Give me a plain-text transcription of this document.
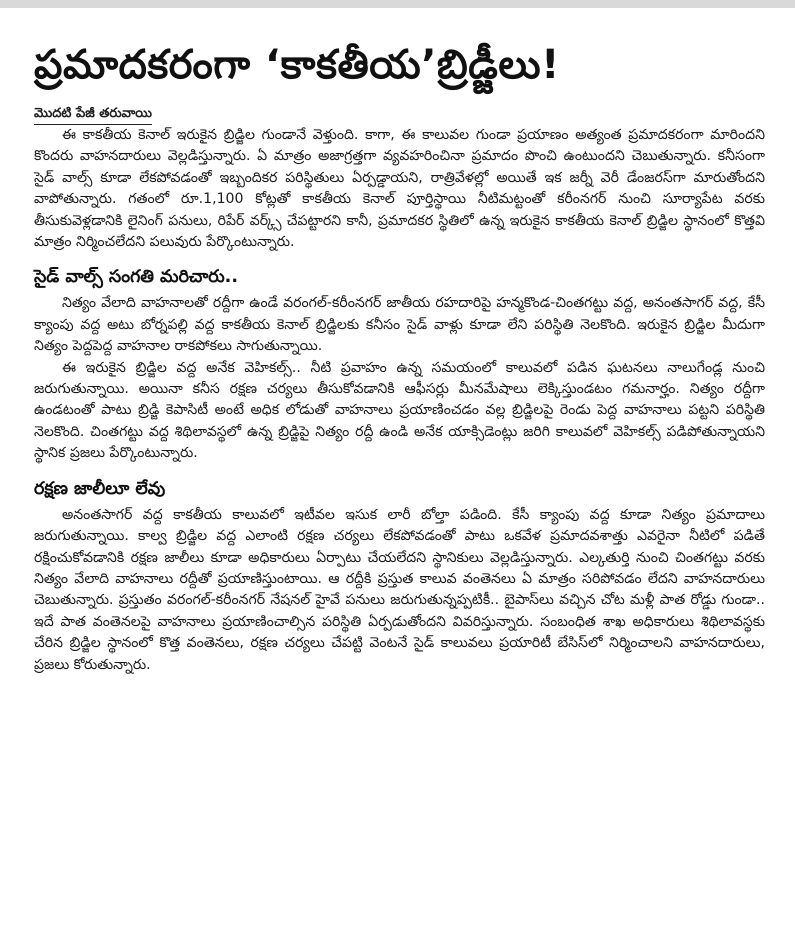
ప్రమాదకరంగా ‘కాకతీయ’బ్రిడ్జీలు!
మొదటి పేజీ తరువాయి

ఈ కాకతీయ కెనాల్ ఇరుకైన బ్రిడ్జిల గుండానే వెళ్తుంది. కాగా, ఈ కాలువల గుండా ప్రయాణం అత్యంత ప్రమాదకరంగా మారిందని కొందరు వాహనదారులు వెల్లడిస్తున్నారు. ఏ మాత్రం అజాగ్రత్తగా వ్యవహరించినా ప్రమాదం పొంచి ఉంటుందని చెబుతున్నారు. కనీసంగా సైడ్ వాల్స్ కూడా లేకపోవడంతో ఇబ్బందికర పరిస్థితులు ఏర్పడ్డాయని, రాత్రివేళల్లో అయితే ఇక జర్నీ వెరీ డేంజరస్‌గా మారుతోందని వాపోతున్నారు. గతంలో రూ.1,100 కోట్లతో కాకతీయ కెనాల్ పూర్తిస్థాయి నీటిమట్టంతో కరీంనగర్ నుంచి సూర్యాపేట వరకు తీసుకువెళ్లడానికి లైనింగ్ పనులు, రిపేర్ వర్క్స్ చేపట్టారని కానీ, ప్రమాదకర స్థితిలో ఉన్న ఇరుకైన కాకతీయ కెనాల్ బ్రిడ్జిల స్థానంలో కొత్తవి మాత్రం నిర్మించలేదని పలువురు పేర్కొంటున్నారు.

సైడ్ వాల్స్ సంగతి మరిచారు..

నిత్యం వేలాది వాహనాలతో రద్దీగా ఉండే వరంగల్-కరీంనగర్ జాతీయ రహదారిపై హన్మకొండ-చింతగట్టు వద్ద, అనంతసాగర్ వద్ద, కేసీ క్యాంపు వద్ద అటు బోర్నపల్లి వద్ద కాకతీయ కెనాల్ బ్రిడ్జిలకు కనీసం సైడ్ వాళ్లు కూడా లేని పరిస్థితి నెలకొంది. ఇరుకైన బ్రిడ్జిల మీదుగా నిత్యం పెద్దపెద్ద వాహనాల రాకపోకలు సాగుతున్నాయి.

ఈ ఇరుకైన బ్రిడ్జిల వద్ద అనేక వెహికల్స్.. నీటి ప్రవాహం ఉన్న సమయంలో కాలువలో పడిన ఘటనలు నాలుగేండ్ల నుంచి జరుగుతున్నాయి. అయినా కనీస రక్షణ చర్యలు తీసుకోవడానికి ఆఫీసర్లు మీనమేషాలు లెక్కిస్తుండటం గమనార్హం. నిత్యం రద్దీగా ఉండటంతో పాటు బ్రిడ్జి కెపాసిటీ అంటే అధిక లోడుతో వాహనాలు ప్రయాణించడం వల్ల బ్రిడ్జిలపై రెండు పెద్ద వాహనాలు పట్టని పరిస్థితి నెలకొంది. చింతగట్టు వద్ద శిథిలావస్థలో ఉన్న బ్రిడ్జిపై నిత్యం రద్దీ ఉండి అనేక యాక్సిడెంట్లు జరిగి కాలువలో వెహికల్స్ పడిపోతున్నాయని స్థానిక ప్రజలు పేర్కొంటున్నారు.

రక్షణ జాలీలూ లేవు

అనంతసాగర్ వద్ద కాకతీయ కాలువలో ఇటీవల ఇసుక లారీ బోల్తా పడింది. కేసీ క్యాంపు వద్ద కూడా నిత్యం ప్రమాదాలు జరుగుతున్నాయి. కాల్వ బ్రిడ్జిల వద్ద ఎలాంటి రక్షణ చర్యలు లేకపోవడంతో పాటు ఒకవేళ ప్రమాదవశాత్తు ఎవరైనా నీటిలో పడితే రక్షించుకోవడానికి రక్షణ జాలీలు కూడా అధికారులు ఏర్పాటు చేయలేదని స్థానికులు వెల్లడిస్తున్నారు. ఎల్కతుర్తి నుంచి చింతగట్టు వరకు నిత్యం వేలాది వాహనాలు రద్దీతో ప్రయాణిస్తుంటాయి. ఆ రద్దీకి ప్రస్తుత కాలువ వంతెనలు ఏ మాత్రం సరిపోవడం లేదని వాహనదారులు చెబుతున్నారు. ప్రస్తుతం వరంగల్-కరీంనగర్ నేషనల్ హైవే పనులు జరుగుతున్నప్పటికీ.. బైపాస్‌లు వచ్చిన చోట మళ్లీ పాత రోడ్డు గుండా.. ఇదే పాత వంతెనలపై వాహనాలు ప్రయాణించాల్సిన పరిస్థితి ఏర్పడుతోందని వివరిస్తున్నారు. సంబంధిత శాఖ అధికారులు శిథిలావస్థకు చేరిన బ్రిడ్జిల స్థానంలో కొత్త వంతెనలు, రక్షణ చర్యలు చేపట్టి వెంటనే సైడ్ కాలువలు ప్రయారిటీ బేసిస్‌లో నిర్మించాలని వాహనదారులు, ప్రజలు కోరుతున్నారు.
